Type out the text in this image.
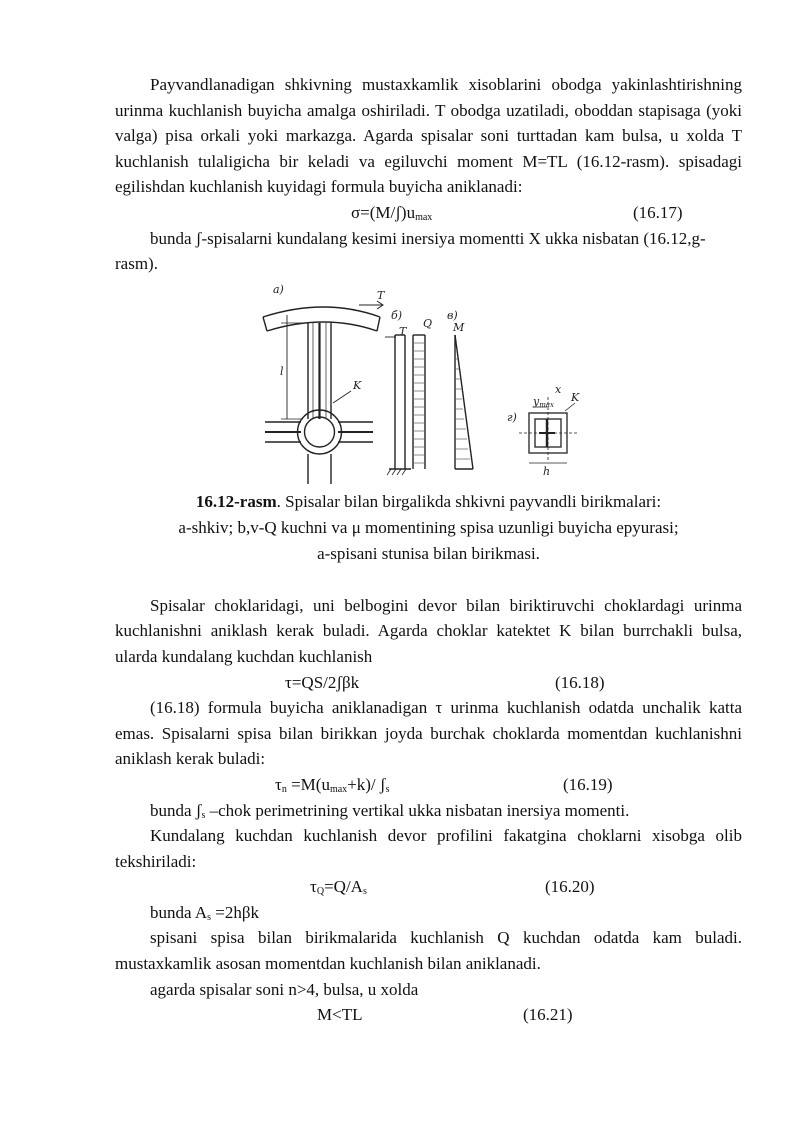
Payvandlanadigan shkivning mustaxkamlik xisoblarini obodga yakinlashtirishning urinma kuchlanish buyicha amalga oshiriladi. T obodga uzatiladi, oboddan stapisaga (yoki valga) pisa orkali yoki markazga. Agarda spisalar soni turttadan kam bulsa, u xolda T kuchlanish tulaligicha bir keladi va egiluvchi moment M=TL (16.12-rasm). spisadagi egilishdan kuchlanish kuyidagi formula buyicha aniklanadi:

$\sigma=(M/ʃ)u_{max}$	(16.17)

bunda ʃ-spisalarni kundalang kesimi inersiya momentti X ukka nisbatan (16.12,g- rasm).

a)	T
l
K
б)
T
Q
в)
M
г)
ymax
x
K
h
16.12-rasm. Spisalar bilan birgalikda shkivni payvandli birikmalari:
a-shkiv; b,v-Q kuchni va μ momentining spisa uzunligi buyicha epyurasi;
a-spisani stunisa bilan birikmasi.

Spisalar choklaridagi, uni belbogini devor bilan biriktiruvchi choklardagi urinma kuchlanishni aniklash kerak buladi. Agarda choklar katektet K bilan burrchakli bulsa, ularda kundalang kuchdan kuchlanish

τ=QS/2ʃβk	(16.18)

(16.18) formula buyicha aniklanadigan τ urinma kuchlanish odatda unchalik katta emas. Spisalarni spisa bilan birikkan joyda burchak choklarda momentdan kuchlanishni aniklash kerak buladi:

$\tau_n =M(u_{max}+k)/$ ʃ$_s$	(16.19)

bunda ʃ$_s$ –chok perimetrining vertikal ukka nisbatan inersiya momenti.

Kundalang kuchdan kuchlanish devor profilini fakatgina choklarni xisobga olib tekshiriladi:

$\tau_Q=Q/A_s$	(16.20)

bunda $A_s =2h\beta k$

spisani spisa bilan birikmalarida kuchlanish Q kuchdan odatda kam buladi. mustaxkamlik asosan momentdan kuchlanish bilan aniklanadi.

agarda spisalar soni n>4, bulsa, u xolda

M<TL	(16.21)
